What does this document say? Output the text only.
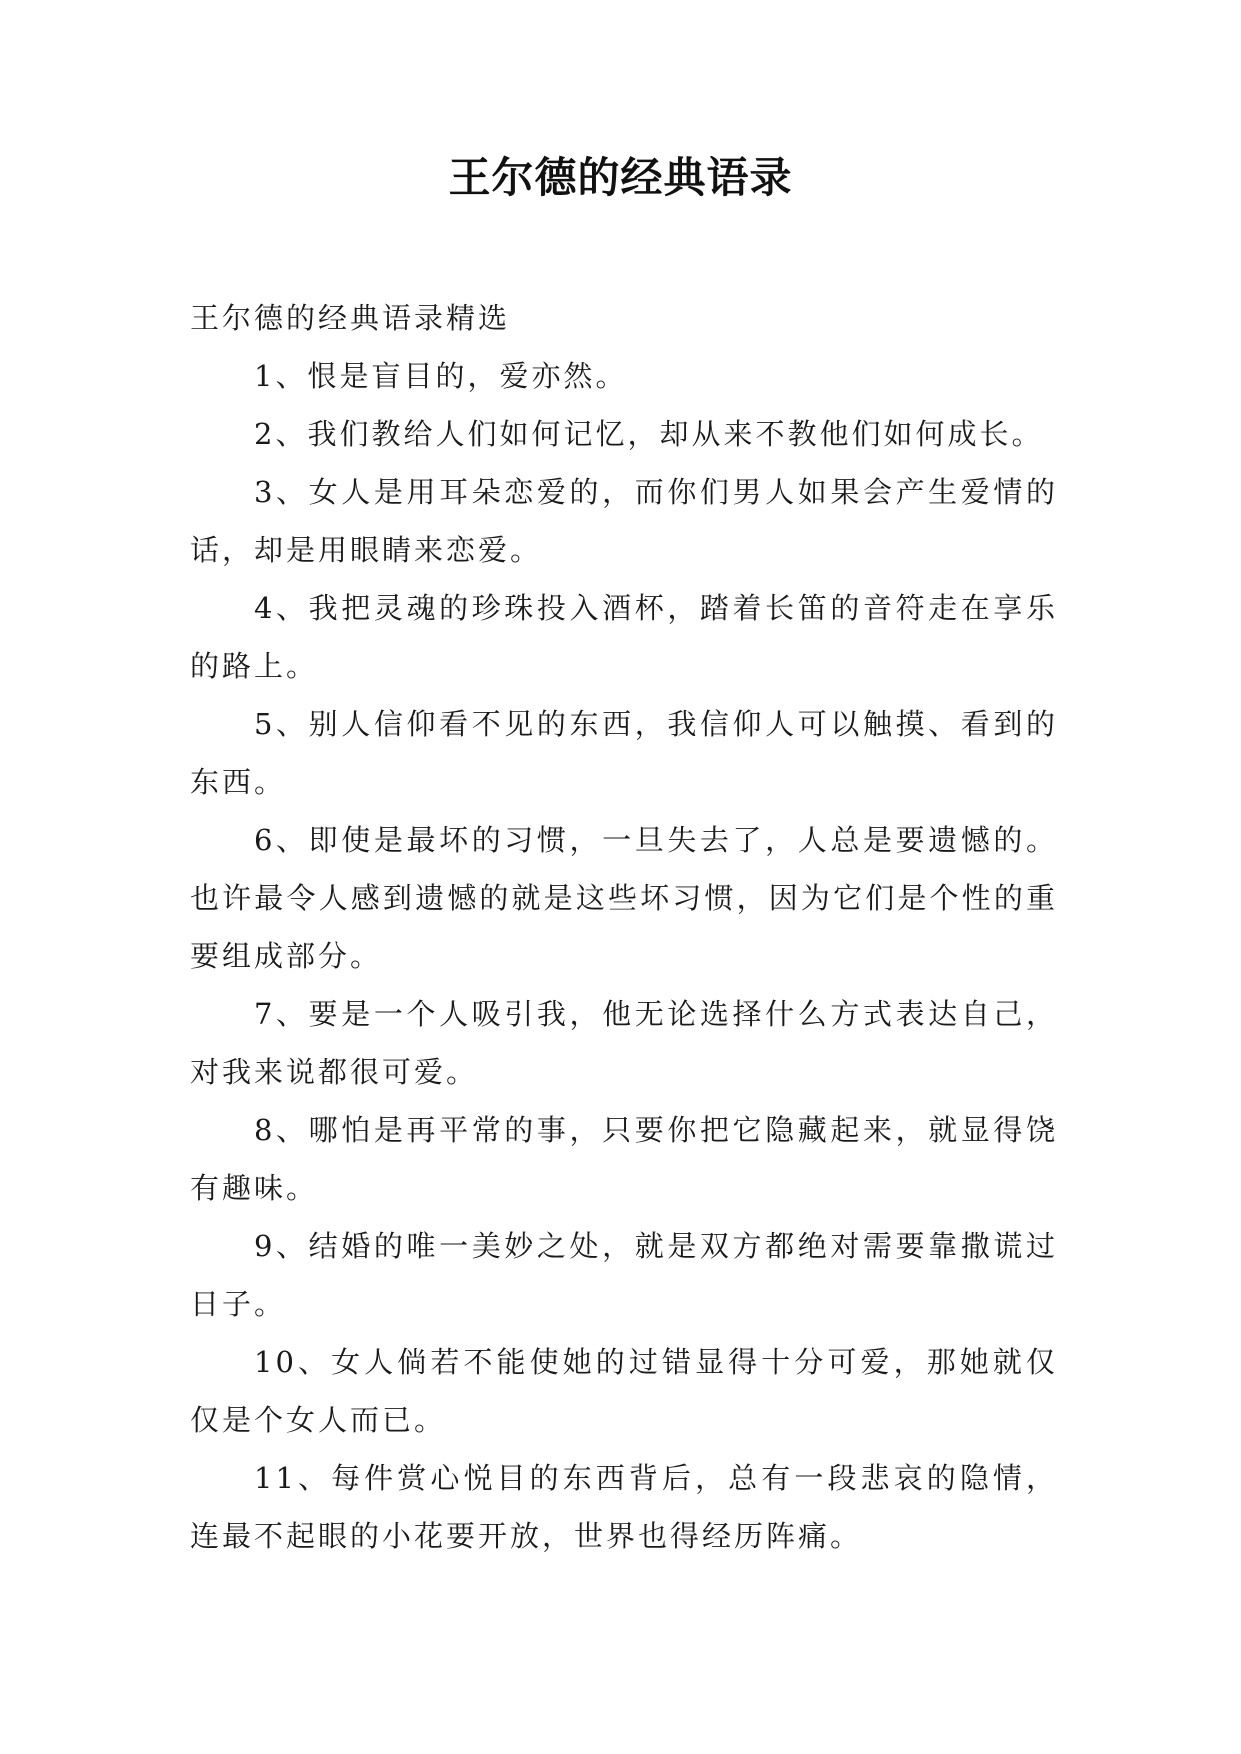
王尔德的经典语录

王尔德的经典语录精选

1、恨是盲目的，爱亦然。

2、我们教给人们如何记忆，却从来不教他们如何成长。

3、女人是用耳朵恋爱的，而你们男人如果会产生爱情的话，却是用眼睛来恋爱。

4、我把灵魂的珍珠投入酒杯，踏着长笛的音符走在享乐的路上。

5、别人信仰看不见的东西，我信仰人可以触摸、看到的东西。

6、即使是最坏的习惯，一旦失去了，人总是要遗憾的。也许最令人感到遗憾的就是这些坏习惯，因为它们是个性的重要组成部分。

7、要是一个人吸引我，他无论选择什么方式表达自己，对我来说都很可爱。

8、哪怕是再平常的事，只要你把它隐藏起来，就显得饶有趣味。

9、结婚的唯一美妙之处，就是双方都绝对需要靠撒谎过日子。

10、女人倘若不能使她的过错显得十分可爱，那她就仅仅是个女人而已。

11、每件赏心悦目的东西背后，总有一段悲哀的隐情，连最不起眼的小花要开放，世界也得经历阵痛。
